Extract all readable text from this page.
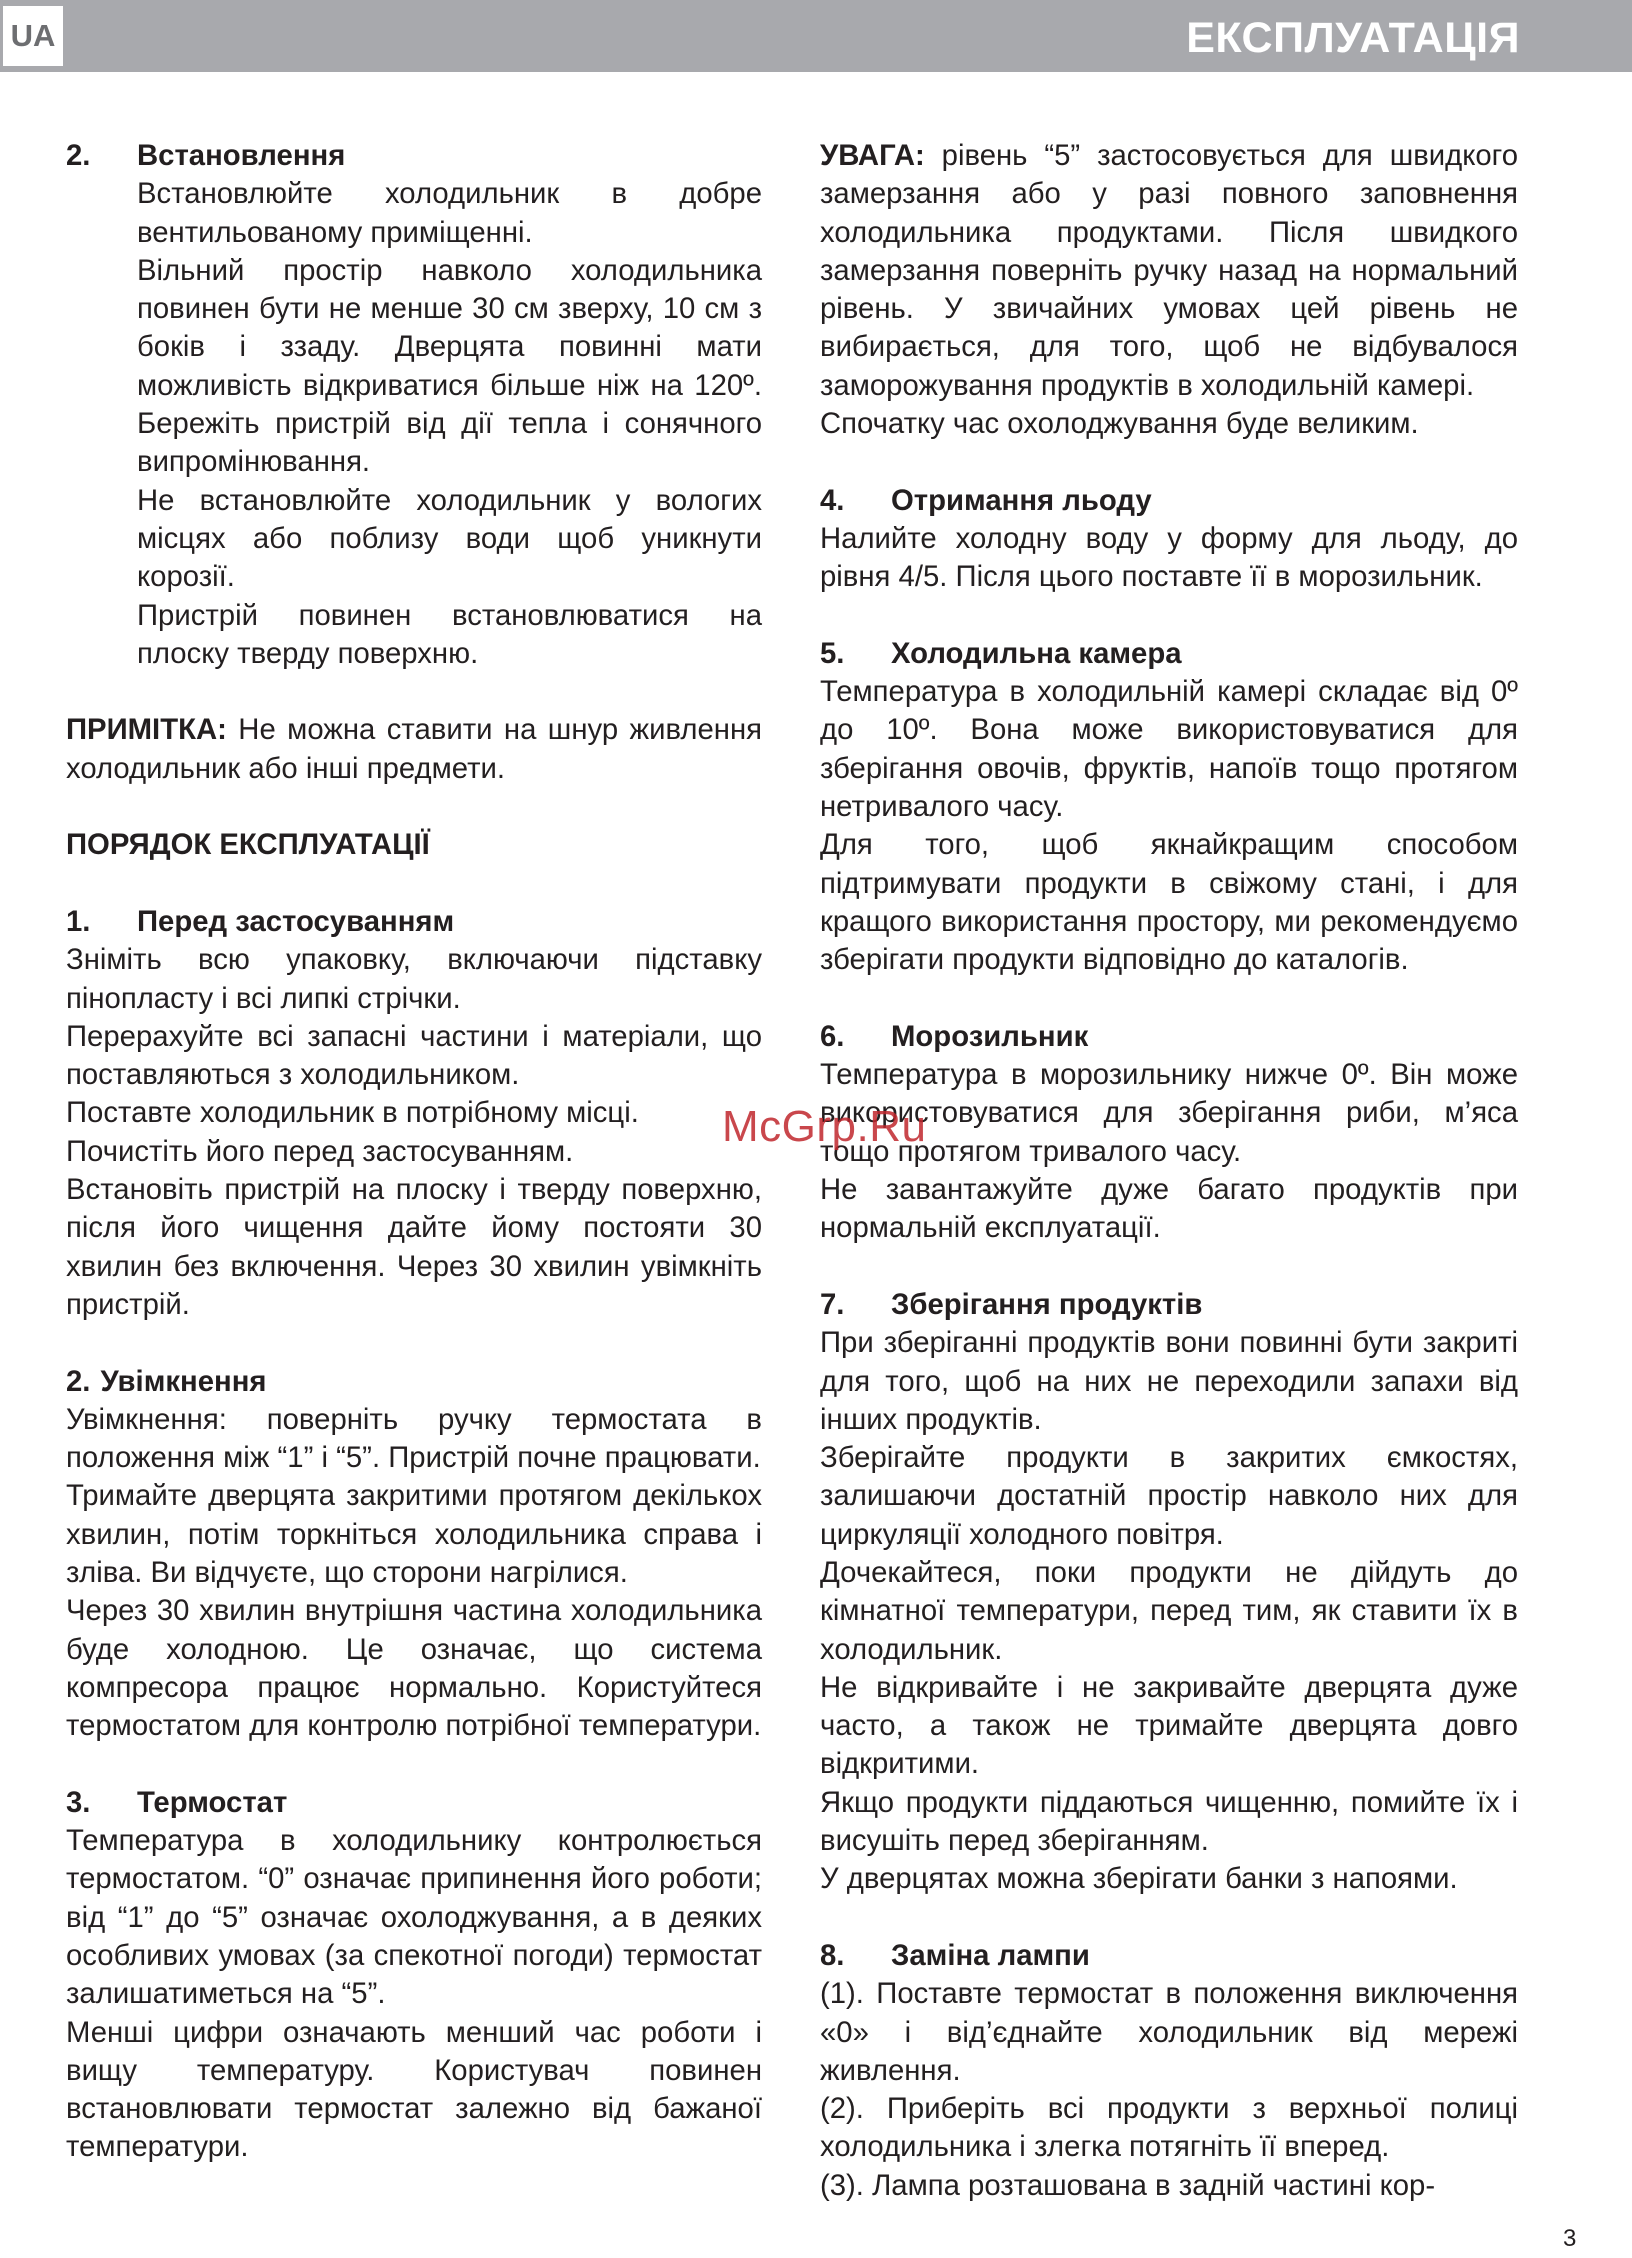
UA	ЕКСПЛУАТАЦІЯ
2.	Встановлення

Встановлюйте холодильник в добре вентильованому приміщенні.

Вільний простір навколо холодильника повинен бути не менше 30 см зверху, 10 см з боків і ззаду. Дверцята повинні мати можливість відкриватися більше ніж на 120º. Бережіть пристрій від дії тепла і сонячного випромінювання.

Не встановлюйте холодильник у вологих місцях або поблизу води щоб уникнути корозії.

Пристрій повинен встановлюватися на плоску тверду поверхню.

ПРИМІТКА: Не можна ставити на шнур живлення холодильник або інші предмети.

ПОРЯДОК ЕКСПЛУАТАЦІЇ
1.	Перед застосуванням

Зніміть всю упаковку, включаючи підставку пінопласту і всі липкі стрічки.

Перерахуйте всі запасні частини і матеріали, що поставляються з холодильником.

Поставте холодильник в потрібному місці.

Почистіть його перед застосуванням.

Встановіть пристрій на плоску і тверду поверхню, після його чищення дайте йому постояти 30 хвилин без включення. Через 30 хвилин увімкніть пристрій.

2. Увімкнення

Увімкнення: поверніть ручку термостата в положення між “1” і “5”. Пристрій почне працювати.

Тримайте дверцята закритими протягом декількох хвилин, потім торкніться холодильника справа і зліва. Ви відчуєте, що сторони нагрілися.

Через 30 хвилин внутрішня частина холодильника буде холодною. Це означає, що система компресора працює нормально. Користуйтеся термостатом для контролю потрібної температури.

3.	Термостат

Температура в холодильнику контролюється термостатом. “0” означає припинення його роботи; від “1” до “5” означає охолоджування, а в деяких особливих умовах (за спекотної погоди) термостат залишатиметься на “5”.

Менші цифри означають менший час роботи і вищу температуру. Користувач повинен встановлювати термостат залежно від бажаної температури.

УВАГА: рівень “5” застосовується для швидкого замерзання або у разі повного заповнення холодильника продуктами. Після швидкого замерзання поверніть ручку назад на нормальний рівень. У звичайних умовах цей рівень не вибирається, для того, щоб не відбувалося заморожування продуктів в холодильній камері.

Спочатку час охолоджування буде великим.

4.	Отримання льоду

Налийте холодну воду у форму для льоду, до рівня 4/5. Після цього поставте її в морозильник.

5.	Холодильна камера

Температура в холодильній камері складає від 0º до 10º. Вона може використовуватися для зберігання овочів, фруктів, напоїв тощо протягом нетривалого часу.

Для того, щоб якнайкращим способом підтримувати продукти в свіжому стані, і для кращого використання простору, ми рекомендуємо зберігати продукти відповідно до каталогів.

6.	Морозильник

Температура в морозильнику нижче 0º. Він може використовуватися для зберігання риби, м’яса тощо протягом тривалого часу.

Не завантажуйте дуже багато продуктів при нормальній експлуатації.

7.	Зберігання продуктів

При зберіганні продуктів вони повинні бути закриті для того, щоб на них не переходили запахи від інших продуктів.

Зберігайте продукти в закритих ємкостях, залишаючи достатній простір навколо них для циркуляції холодного повітря.

Дочекайтеся, поки продукти не дійдуть до кімнатної температури, перед тим, як ставити їх в холодильник.

Не відкривайте і не закривайте дверцята дуже часто, а також не тримайте дверцята довго відкритими.

Якщо продукти піддаються чищенню, помийте їх і висушіть перед зберіганням.

У дверцятах можна зберігати банки з напоями.

8.	Заміна лампи

(1). Поставте термостат в положення виключення «0» і від’єднайте холодильник від мережі живлення.

(2). Приберіть всі продукти з верхньої полиці холодильника і злегка потягніть її вперед.

(3). Лампа розташована в задній частині кор-

McGrp.Ru
3
